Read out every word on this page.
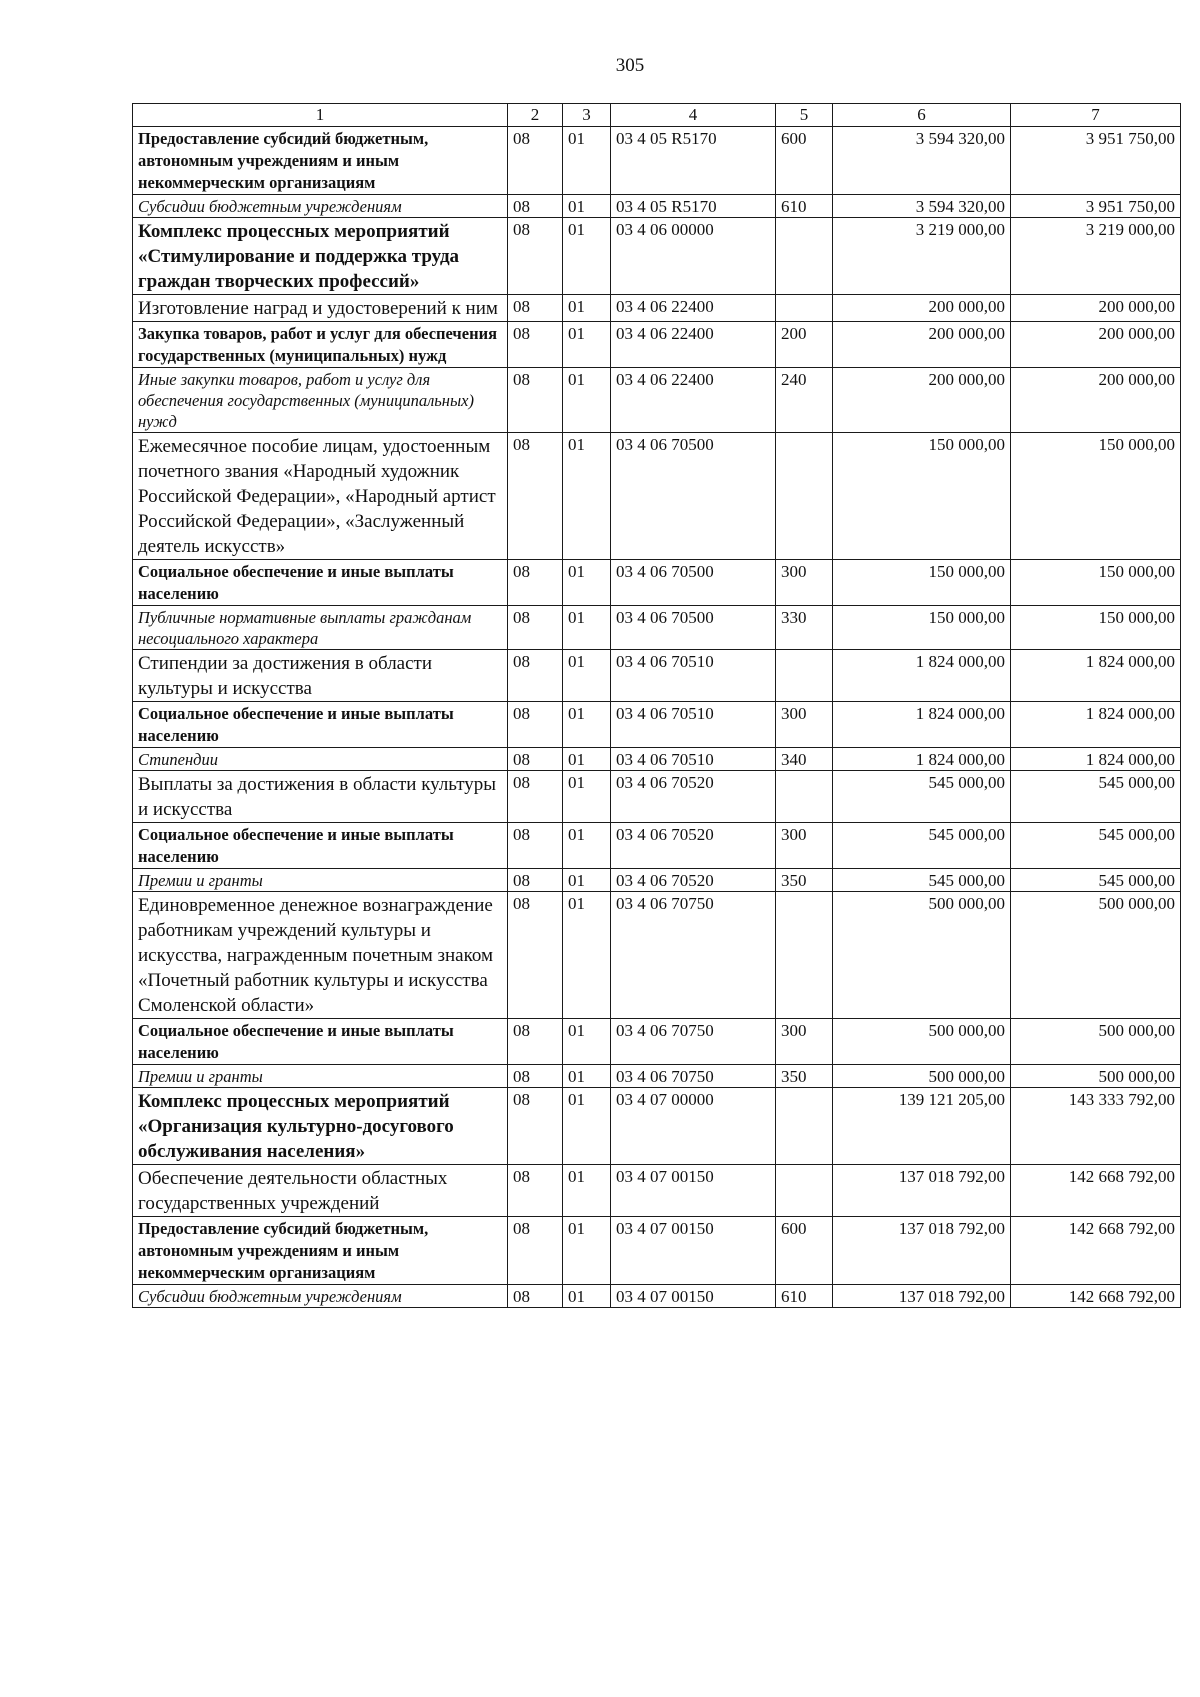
305
1	2	3	4	5	6	7
Предоставление субсидий бюджетным, автономным учреждениям и иным некоммерческим организациям	08	01	03 4 05 R5170	600	3 594 320,00	3 951 750,00
Субсидии бюджетным учреждениям	08	01	03 4 05 R5170	610	3 594 320,00	3 951 750,00
Комплекс процессных мероприятий «Стимулирование и поддержка труда граждан творческих профессий»	08	01	03 4 06 00000		3 219 000,00	3 219 000,00
Изготовление наград и удостоверений к ним	08	01	03 4 06 22400		200 000,00	200 000,00
Закупка товаров, работ и услуг для обеспечения государственных (муниципальных) нужд	08	01	03 4 06 22400	200	200 000,00	200 000,00
Иные закупки товаров, работ и услуг для обеспечения государственных (муниципальных) нужд	08	01	03 4 06 22400	240	200 000,00	200 000,00
Ежемесячное пособие лицам, удостоенным почетного звания «Народный художник Российской Федерации», «Народный артист Российской Федерации», «Заслуженный деятель искусств»	08	01	03 4 06 70500		150 000,00	150 000,00
Социальное обеспечение и иные выплаты населению	08	01	03 4 06 70500	300	150 000,00	150 000,00
Публичные нормативные выплаты гражданам несоциального характера	08	01	03 4 06 70500	330	150 000,00	150 000,00
Стипендии за достижения в области культуры и искусства	08	01	03 4 06 70510		1 824 000,00	1 824 000,00
Социальное обеспечение и иные выплаты населению	08	01	03 4 06 70510	300	1 824 000,00	1 824 000,00
Стипендии	08	01	03 4 06 70510	340	1 824 000,00	1 824 000,00
Выплаты за достижения в области культуры и искусства	08	01	03 4 06 70520		545 000,00	545 000,00
Социальное обеспечение и иные выплаты населению	08	01	03 4 06 70520	300	545 000,00	545 000,00
Премии и гранты	08	01	03 4 06 70520	350	545 000,00	545 000,00
Единовременное денежное вознаграждение работникам учреждений культуры и искусства, награжденным почетным знаком «Почетный работник культуры и искусства Смоленской области»	08	01	03 4 06 70750		500 000,00	500 000,00
Социальное обеспечение и иные выплаты населению	08	01	03 4 06 70750	300	500 000,00	500 000,00
Премии и гранты	08	01	03 4 06 70750	350	500 000,00	500 000,00
Комплекс процессных мероприятий «Организация культурно-досугового обслуживания населения»	08	01	03 4 07 00000		139 121 205,00	143 333 792,00
Обеспечение деятельности областных государственных учреждений	08	01	03 4 07 00150		137 018 792,00	142 668 792,00
Предоставление субсидий бюджетным, автономным учреждениям и иным некоммерческим организациям	08	01	03 4 07 00150	600	137 018 792,00	142 668 792,00
Субсидии бюджетным учреждениям	08	01	03 4 07 00150	610	137 018 792,00	142 668 792,00
